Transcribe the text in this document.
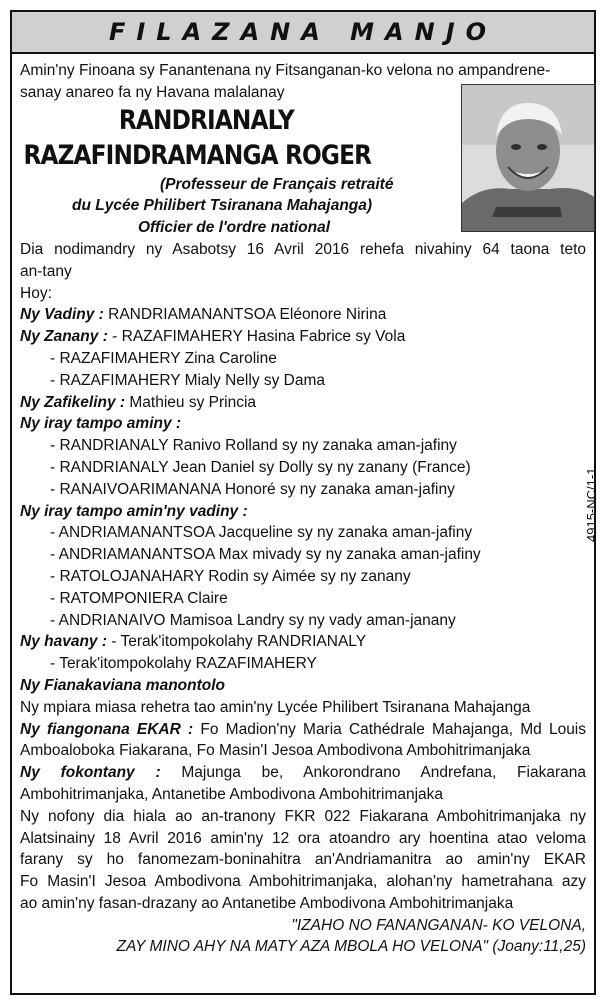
FILAZANA MANJO
Amin'ny Finoana sy Fanantenana ny Fitsanganan-ko velona no ampandrene-
sanay anareo fa ny Havana malalanay
RANDRIANALY
RAZAFINDRAMANGA ROGER
(Professeur de Français retraité
du Lycée Philibert Tsiranana Mahajanga)
Officier de l'ordre national
Dia nodimandry ny Asabotsy 16 Avril 2016 rehefa nivahiny 64 taona teto
an-tany
Hoy:
Ny Vadiny : RANDRIAMANANTSOA Eléonore Nirina
Ny Zanany : - RAZAFIMAHERY Hasina Fabrice sy Vola
- RAZAFIMAHERY Zina Caroline
- RAZAFIMAHERY Mialy Nelly sy Dama
Ny Zafikeliny : Mathieu sy Princia
Ny iray tampo aminy :
- RANDRIANALY Ranivo Rolland sy ny zanaka aman-jafiny
- RANDRIANALY Jean Daniel sy Dolly sy ny zanany (France)
- RANAIVOARIMANANA Honoré sy ny zanaka aman-jafiny
Ny iray tampo amin'ny vadiny :
- ANDRIAMANANTSOA Jacqueline sy ny zanaka aman-jafiny
- ANDRIAMANANTSOA Max mivady sy ny zanaka aman-jafiny
- RATOLOJANAHARY Rodin sy Aimée sy ny zanany
- RATOMPONIERA Claire
- ANDRIANAIVO Mamisoa Landry sy ny vady aman-janany
Ny havany : - Terak'itompokolahy RANDRIANALY
- Terak'itompokolahy RAZAFIMAHERY
Ny Fianakaviana manontolo
Ny mpiara miasa rehetra tao amin'ny Lycée Philibert Tsiranana Mahajanga
Ny fiangonana EKAR : Fo Madion'ny Maria Cathédrale Mahajanga, Md Louis
Amboaloboka Fiakarana, Fo Masin'I Jesoa Ambodivona Ambohitrimanjaka
Ny fokontany : Majunga be, Ankorondrano Andrefana, Fiakarana
Ambohitrimanjaka, Antanetibe Ambodivona Ambohitrimanjaka
Ny nofony dia hiala ao an-tranony FKR 022 Fiakarana Ambohitrimanjaka ny
Alatsinainy 18 Avril 2016 amin'ny 12 ora atoandro ary hoentina atao veloma
farany sy ho fanomezam-boninahitra an'Andriamanitra ao amin'ny EKAR
Fo Masin'I Jesoa Ambodivona Ambohitrimanjaka, alohan'ny hametrahana azy
ao amin'ny fasan-drazany ao Antanetibe Ambodivona Ambohitrimanjaka
"IZAHO NO FANANGANAN- KO VELONA,
ZAY MINO AHY NA MATY AZA MBOLA HO VELONA" (Joany:11,25)
4915-NC/1-1
